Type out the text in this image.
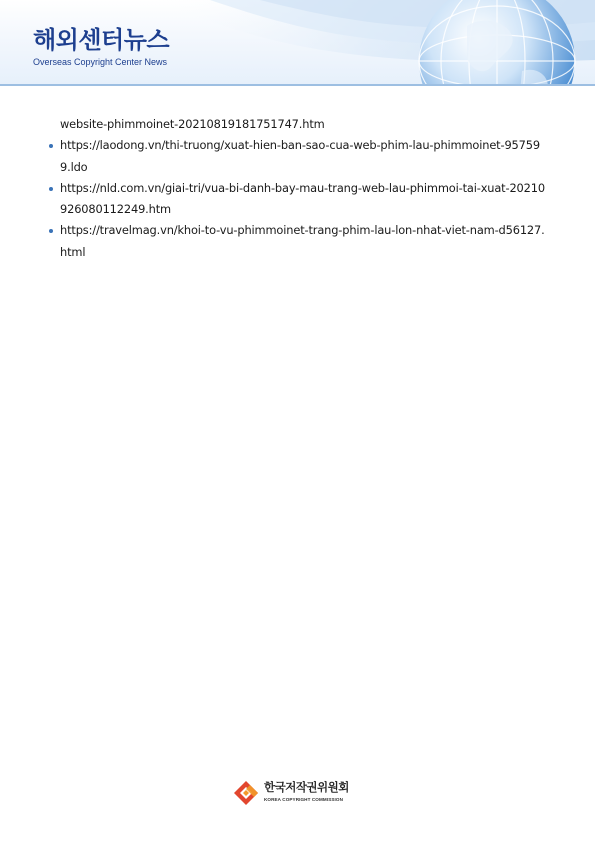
해외센터뉴스
Overseas Copyright Center News
website-phimmoinet-20210819181751747.htm
https://laodong.vn/thi-truong/xuat-hien-ban-sao-cua-web-phim-lau-phimmoinet-957599.ldo
https://nld.com.vn/giai-tri/vua-bi-danh-bay-mau-trang-web-lau-phimmoi-tai-xuat-20210926080112249.htm
https://travelmag.vn/khoi-to-vu-phimmoinet-trang-phim-lau-lon-nhat-viet-nam-d56127.html
한국저작권위원회
KOREA COPYRIGHT COMMISSION
